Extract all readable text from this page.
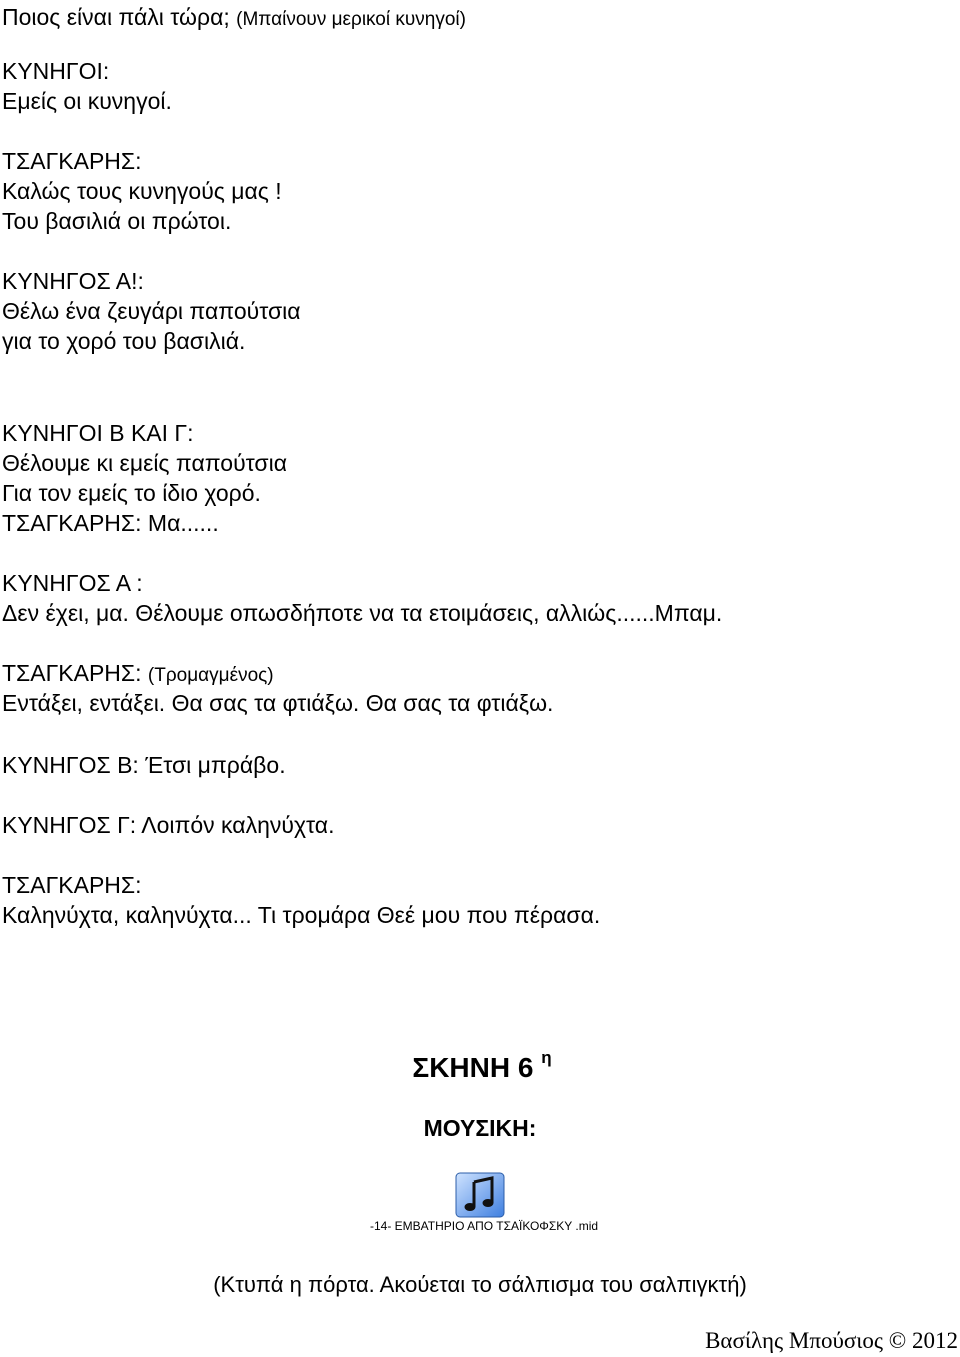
Ποιος είναι πάλι τώρα; (Μπαίνουν μερικοί κυνηγοί)

ΚΥΝΗΓΟΙ:

Εμείς οι κυνηγοί.

ΤΣΑΓΚΑΡΗΣ:

Καλώς τους κυνηγούς μας !

Του βασιλιά οι πρώτοι.

ΚΥΝΗΓΟΣ Α!:

Θέλω ένα ζευγάρι παπούτσια

για το χορό του βασιλιά.

ΚΥΝΗΓΟΙ Β ΚΑΙ Γ:

Θέλουμε κι εμείς παπούτσια

Για τον εμείς το ίδιο χορό.

ΤΣΑΓΚΑΡΗΣ: Μα......

ΚΥΝΗΓΟΣ Α :

Δεν έχει, μα. Θέλουμε οπωσδήποτε να τα ετοιμάσεις, αλλιώς......Μπαμ.

ΤΣΑΓΚΑΡΗΣ: (Τρομαγμένος)

Εντάξει, εντάξει. Θα σας τα φτιάξω. Θα σας τα φτιάξω.

ΚΥΝΗΓΟΣ Β: Έτσι μπράβο.

ΚΥΝΗΓΟΣ Γ: Λοιπόν καληνύχτα.

ΤΣΑΓΚΑΡΗΣ:

Καληνύχτα, καληνύχτα... Τι τρομάρα Θεέ μου που πέρασα.

ΣΚΗΝΗ 6 $^\eta$
ΜΟΥΣΙΚΗ:
-14- ΕΜΒΑΤΗΡΙΟ ΑΠΟ ΤΣΑΪΚΟΦΣΚΥ .mid
(Κτυπά η πόρτα. Ακούεται το σάλπισμα του σαλπιγκτή)
Βασίλης Μπούσιος © 2012
